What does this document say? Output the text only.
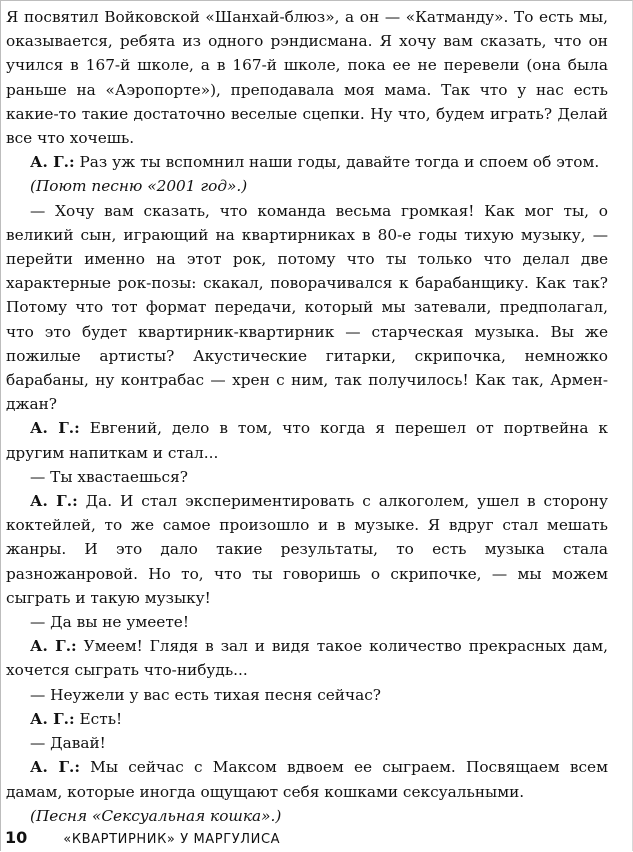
Я посвятил Войковской «Шанхай-блюз», а он — «Катманду». То есть мы, оказывается, ребята из одного рэндисмана. Я хочу вам сказать, что он учился в 167-й школе, а в 167-й школе, пока ее не перевели (она была раньше на «Аэропорте»), преподавала моя мама. Так что у нас есть какие-то такие достаточно веселые сцепки. Ну что, будем играть? Делай все что хочешь.

А. Г.: Раз уж ты вспомнил наши годы, давайте тогда и споем об этом.

(Поют песню «2001 год».)

— Хочу вам сказать, что команда весьма громкая! Как мог ты, о великий сын, играющий на квартирниках в 80-е годы тихую музыку, — перейти именно на этот рок, потому что ты только что делал две характерные рок-позы: скакал, поворачивался к барабанщику. Как так? Потому что тот формат передачи, который мы затевали, предполагал, что это будет квартирник-квартирник — старческая музыка. Вы же пожилые артисты? Акустические гитарки, скрипочка, немножко барабаны, ну контрабас — хрен с ним, так получилось! Как так, Армен-джан?

А. Г.: Евгений, дело в том, что когда я перешел от портвейна к другим напиткам и стал...

— Ты хвастаешься?

А. Г.: Да. И стал экспериментировать с алкоголем, ушел в сторону коктейлей, то же самое произошло и в музыке. Я вдруг стал мешать жанры. И это дало такие результаты, то есть музыка стала разножанровой. Но то, что ты говоришь о скрипочке, — мы можем сыграть и такую музыку!

— Да вы не умеете!

А. Г.: Умеем! Глядя в зал и видя такое количество прекрасных дам, хочется сыграть что-нибудь...

— Неужели у вас есть тихая песня сейчас?

А. Г.: Есть!

— Давай!

А. Г.: Мы сейчас с Максом вдвоем ее сыграем. Посвящаем всем дамам, которые иногда ощущают себя кошками сексуальными.

(Песня «Сексуальная кошка».)

10	«КВАРТИРНИК» У МАРГУЛИСА
